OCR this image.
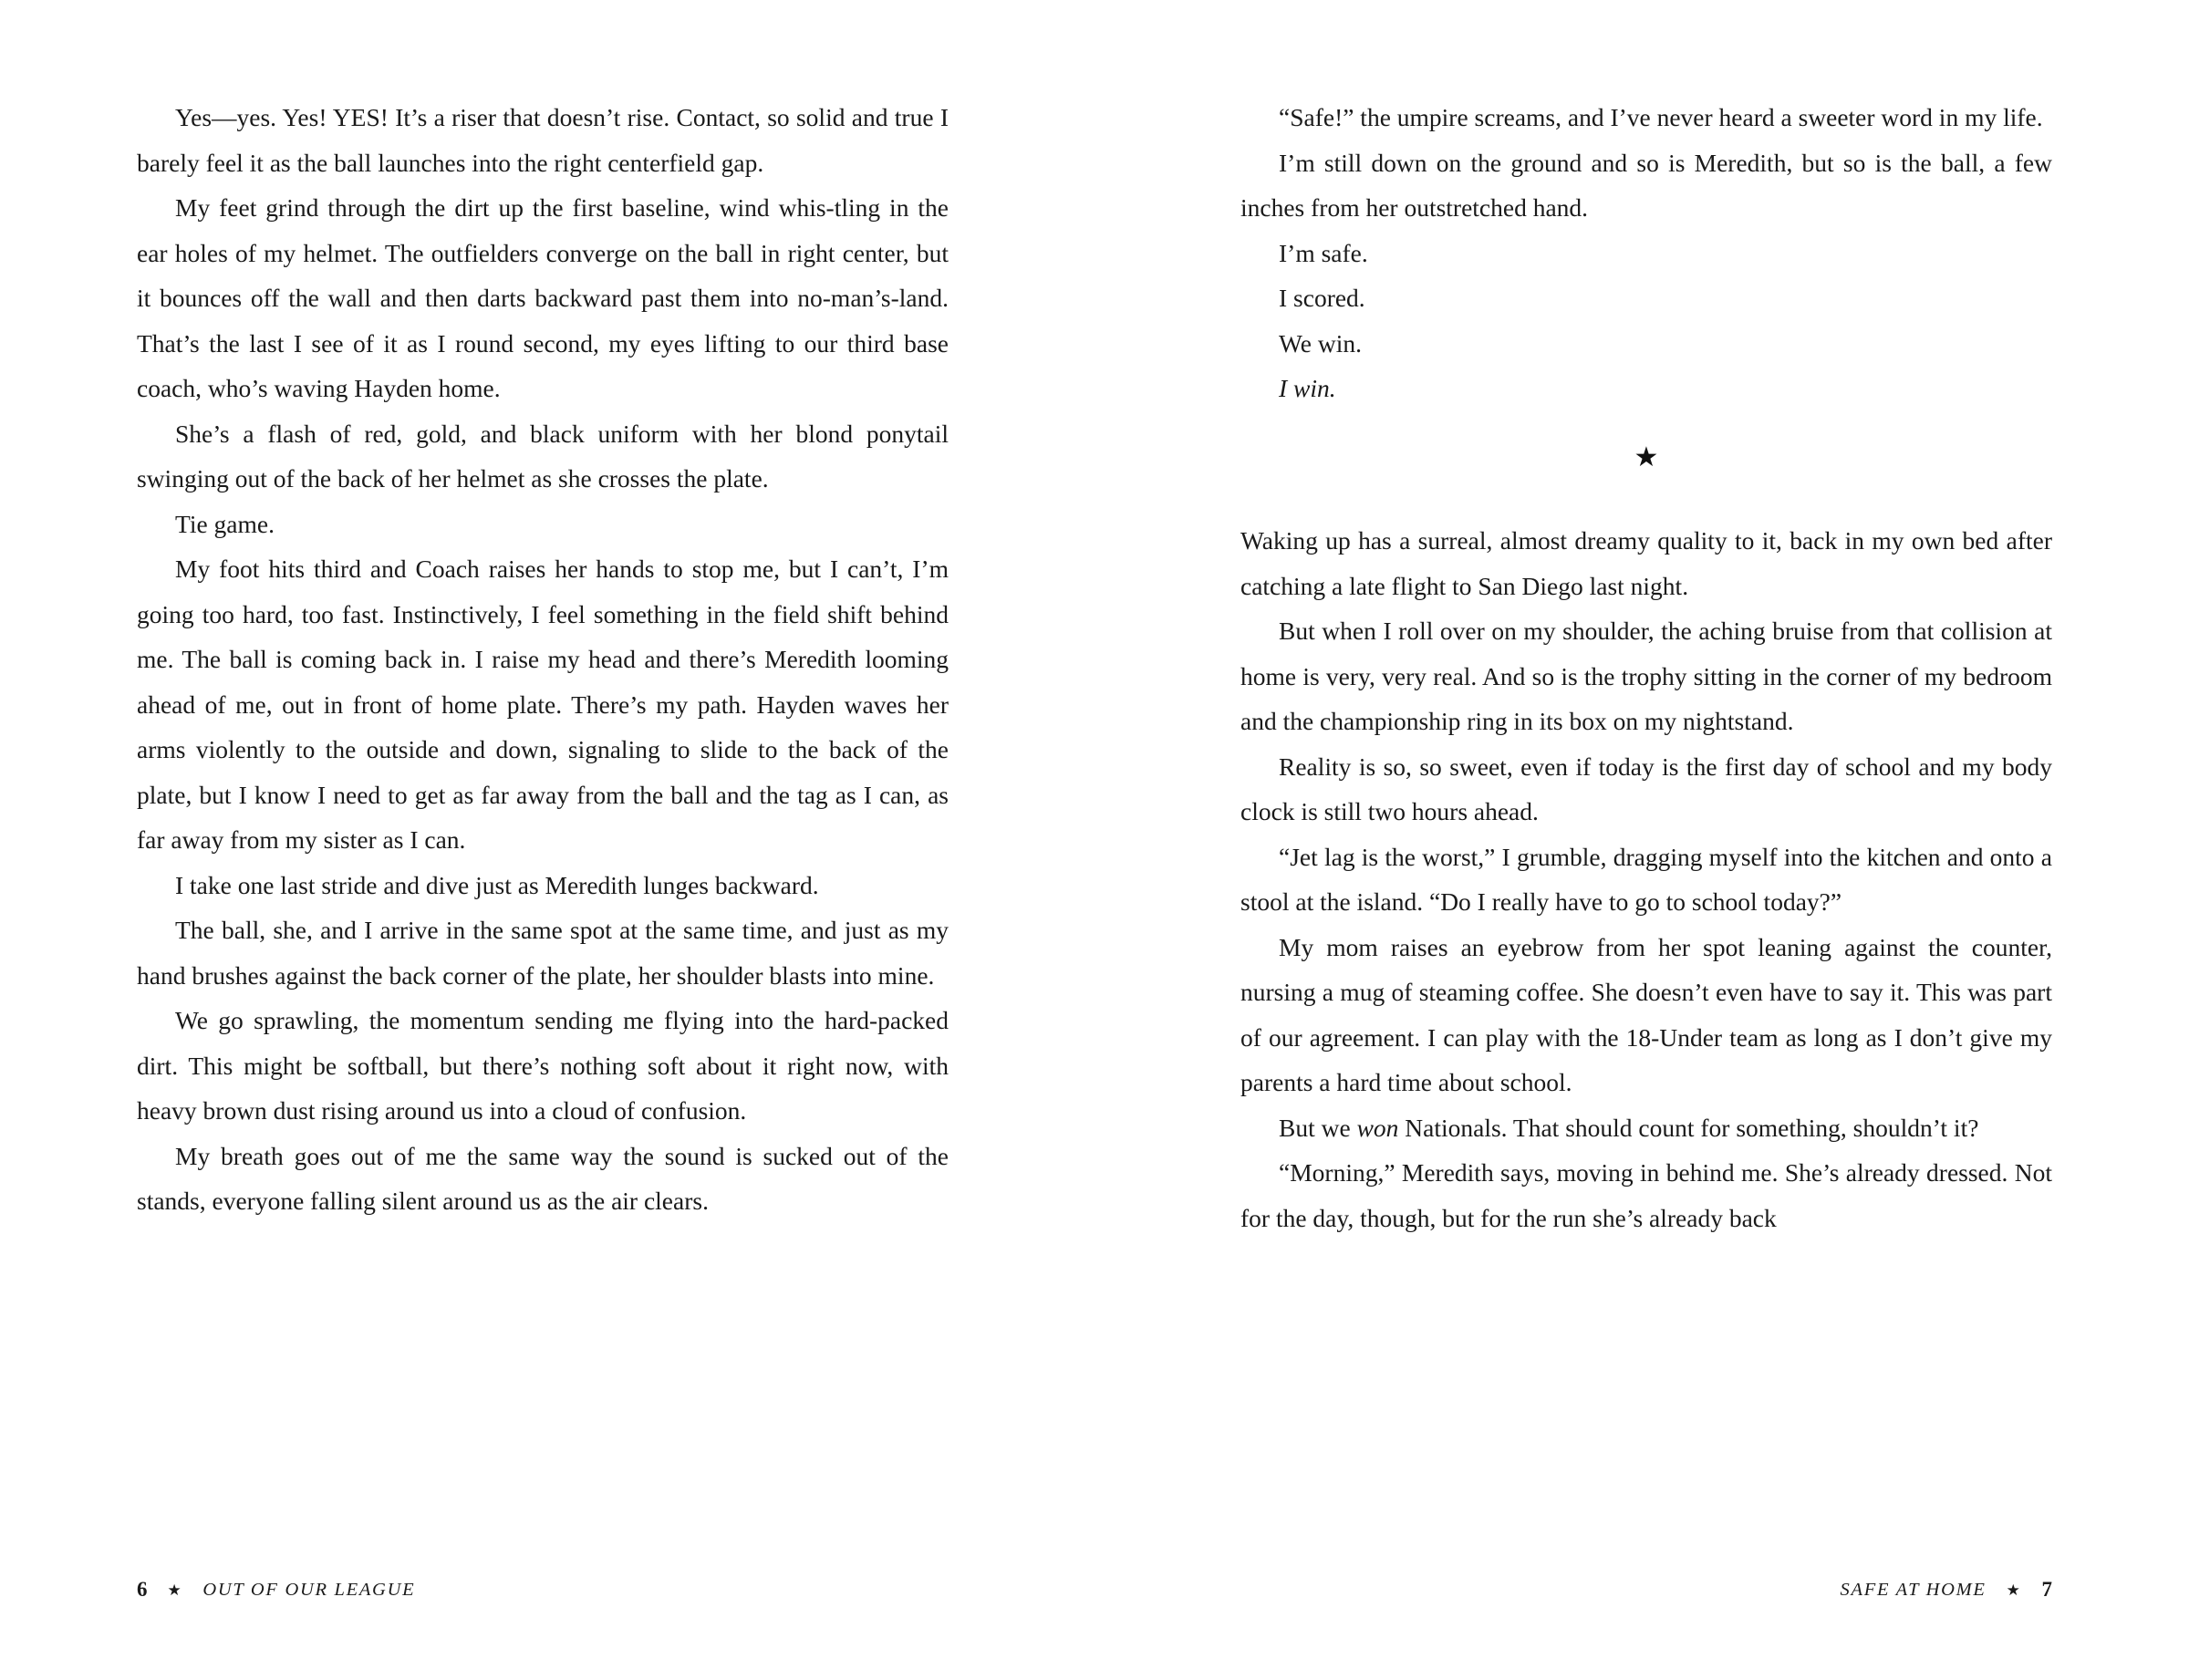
Yes—yes. Yes! YES! It’s a riser that doesn’t rise. Contact, so solid and true I barely feel it as the ball launches into the right centerfield gap.

My feet grind through the dirt up the first baseline, wind whis-tling in the ear holes of my helmet. The outfielders converge on the ball in right center, but it bounces off the wall and then darts backward past them into no-man’s-land. That’s the last I see of it as I round second, my eyes lifting to our third base coach, who’s waving Hayden home.

She’s a flash of red, gold, and black uniform with her blond ponytail swinging out of the back of her helmet as she crosses the plate.

Tie game.

My foot hits third and Coach raises her hands to stop me, but I can’t, I’m going too hard, too fast. Instinctively, I feel something in the field shift behind me. The ball is coming back in. I raise my head and there’s Meredith looming ahead of me, out in front of home plate. There’s my path. Hayden waves her arms violently to the outside and down, signaling to slide to the back of the plate, but I know I need to get as far away from the ball and the tag as I can, as far away from my sister as I can.

I take one last stride and dive just as Meredith lunges backward.

The ball, she, and I arrive in the same spot at the same time, and just as my hand brushes against the back corner of the plate, her shoulder blasts into mine.

We go sprawling, the momentum sending me flying into the hard-packed dirt. This might be softball, but there’s nothing soft about it right now, with heavy brown dust rising around us into a cloud of confusion.

My breath goes out of me the same way the sound is sucked out of the stands, everyone falling silent around us as the air clears.

6 ★ OUT OF OUR LEAGUE

“Safe!” the umpire screams, and I’ve never heard a sweeter word in my life.

I’m still down on the ground and so is Meredith, but so is the ball, a few inches from her outstretched hand.

I’m safe.

I scored.

We win.

I win.

★

Waking up has a surreal, almost dreamy quality to it, back in my own bed after catching a late flight to San Diego last night.

But when I roll over on my shoulder, the aching bruise from that collision at home is very, very real. And so is the trophy sitting in the corner of my bedroom and the championship ring in its box on my nightstand.

Reality is so, so sweet, even if today is the first day of school and my body clock is still two hours ahead.

“Jet lag is the worst,” I grumble, dragging myself into the kitchen and onto a stool at the island. “Do I really have to go to school today?”

My mom raises an eyebrow from her spot leaning against the counter, nursing a mug of steaming coffee. She doesn’t even have to say it. This was part of our agreement. I can play with the 18-Under team as long as I don’t give my parents a hard time about school.

But we won Nationals. That should count for something, shouldn’t it?

“Morning,” Meredith says, moving in behind me. She’s already dressed. Not for the day, though, but for the run she’s already back

SAFE AT HOME ★ 7
